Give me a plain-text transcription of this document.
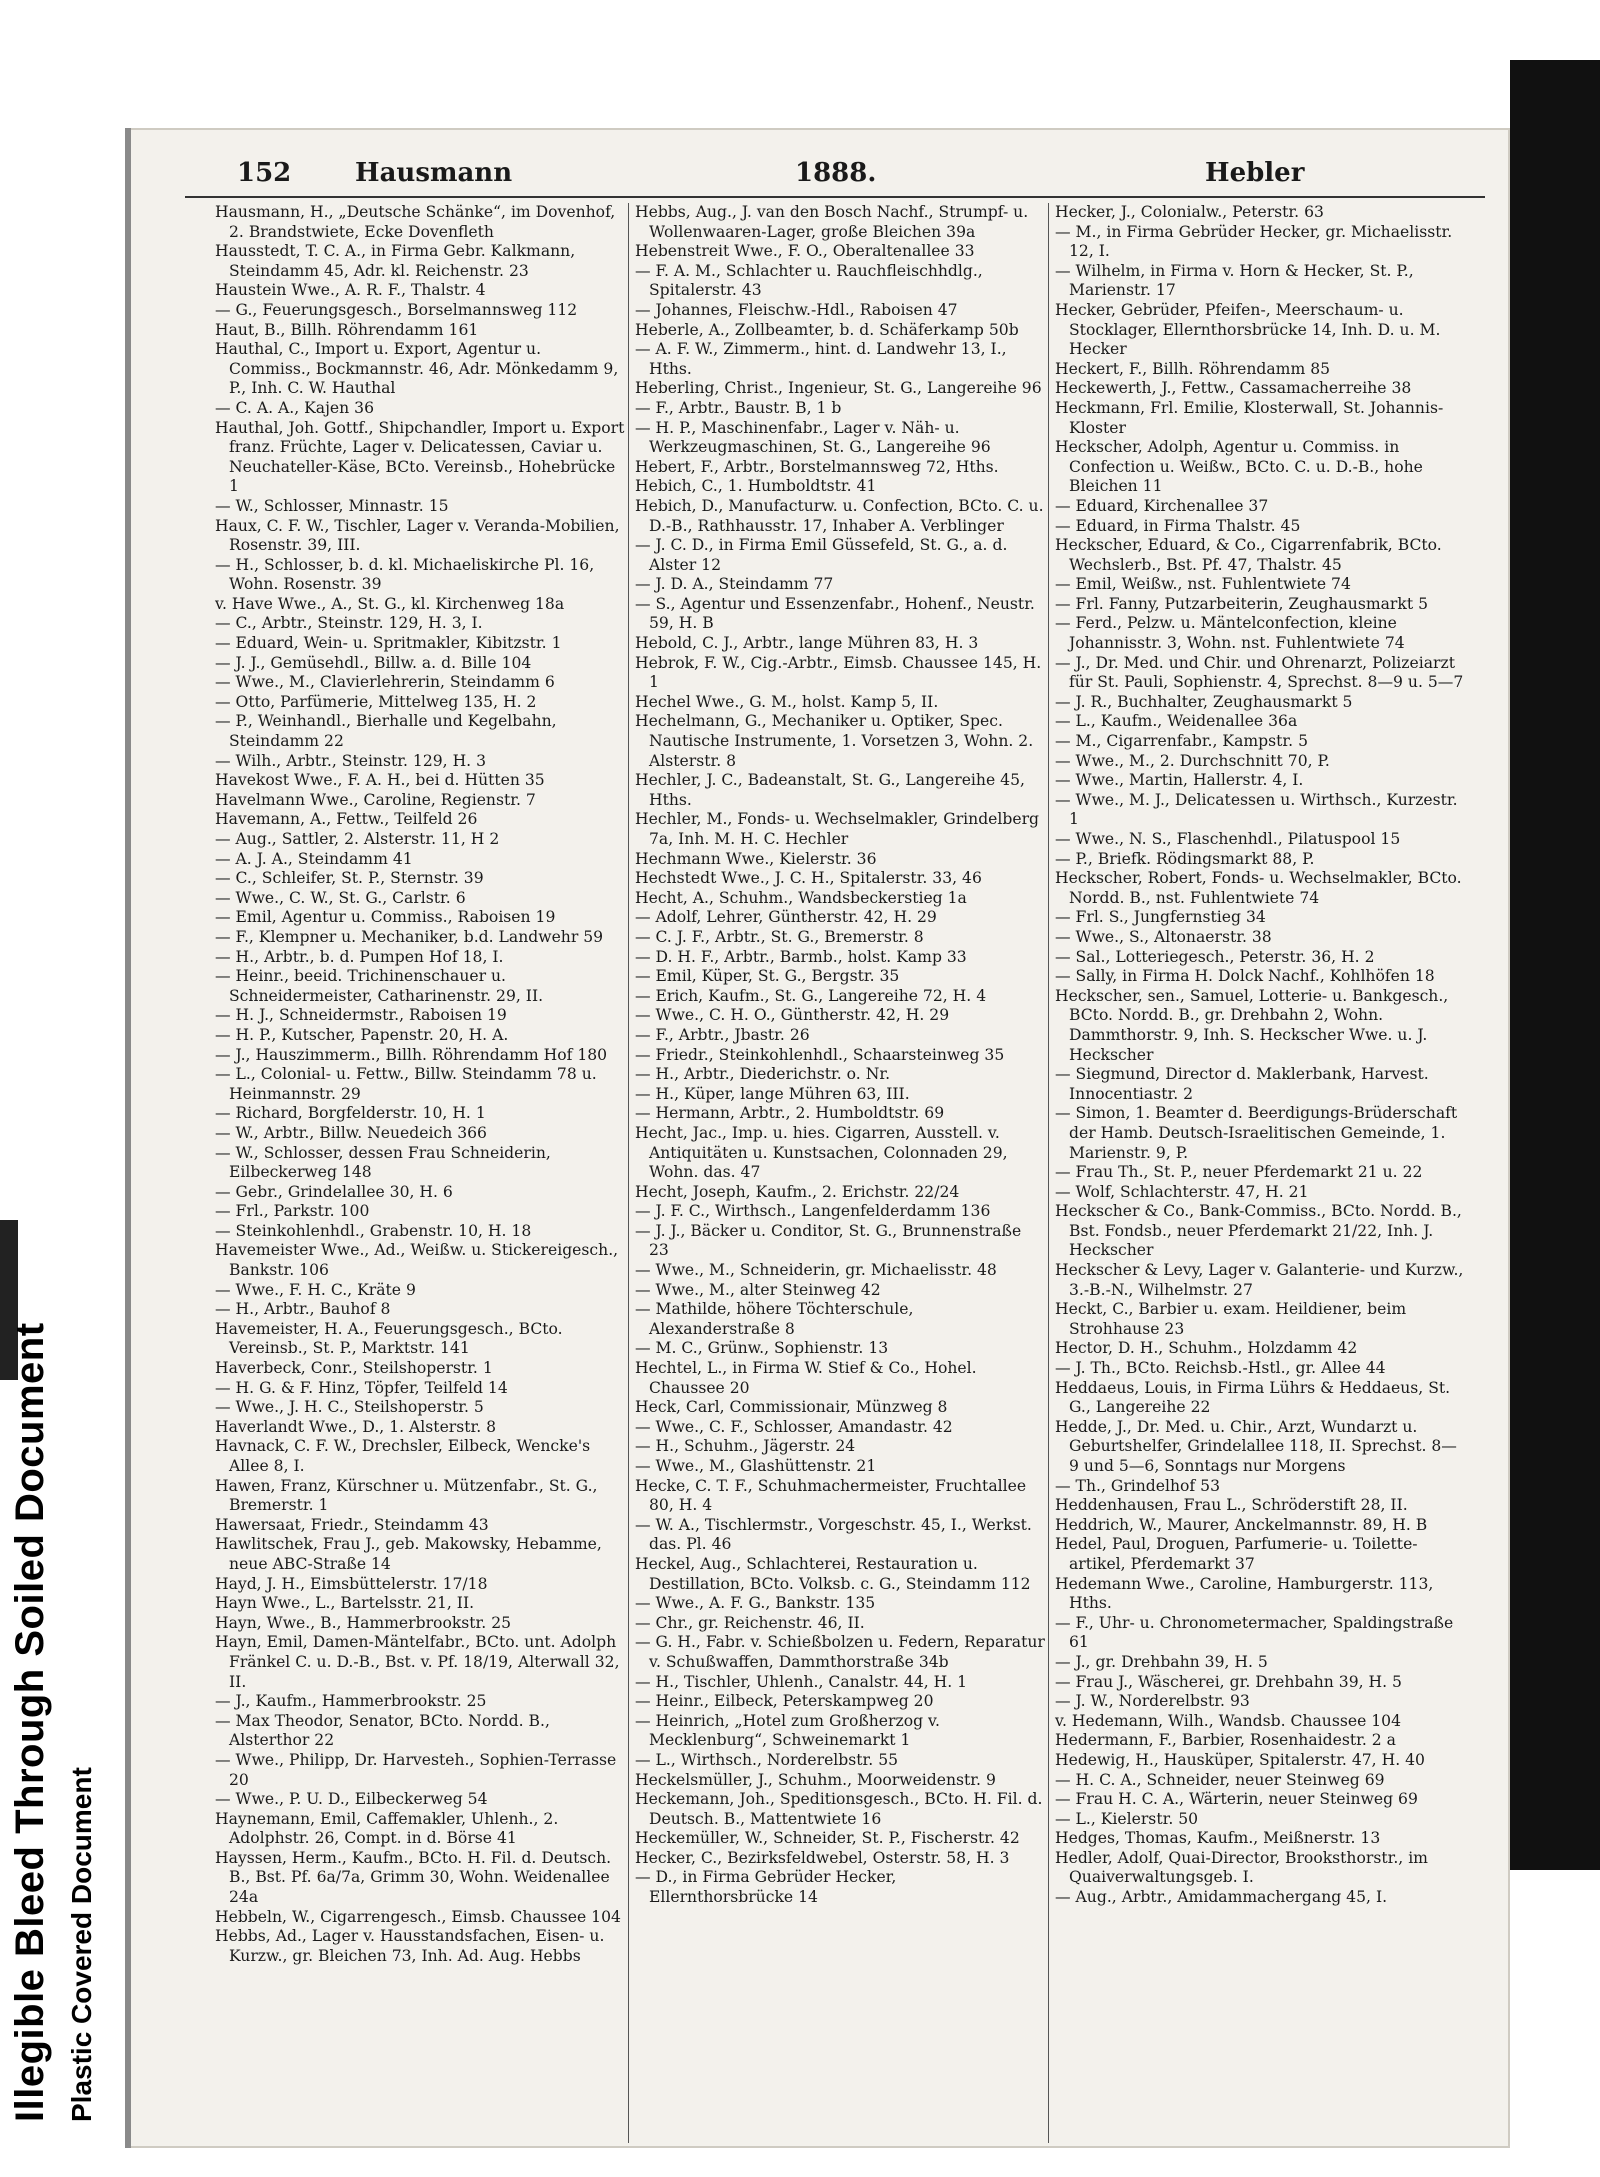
Illegible Bleed Through Soiled Document Plastic Covered Document
152 Hausmann	1888.	Hebler

Hausmann, H., „Deutsche Schänke“, im Dovenhof, 2. Brandstwiete, Ecke Dovenfleth

Hausstedt, T. C. A., in Firma Gebr. Kalkmann, Steindamm 45, Adr. kl. Reichenstr. 23

Haustein Wwe., A. R. F., Thalstr. 4

— G., Feuerungsgesch., Borselmannsweg 112

Haut, B., Billh. Röhrendamm 161

Hauthal, C., Import u. Export, Agentur u. Commiss., Bockmannstr. 46, Adr. Mönkedamm 9, P., Inh. C. W. Hauthal

— C. A. A., Kajen 36

Hauthal, Joh. Gottf., Shipchandler, Import u. Export franz. Früchte, Lager v. Delicatessen, Caviar u. Neuchateller-Käse, BCto. Vereinsb., Hohebrücke 1

— W., Schlosser, Minnastr. 15

Haux, C. F. W., Tischler, Lager v. Veranda-Mobilien, Rosenstr. 39, III.

— H., Schlosser, b. d. kl. Michaeliskirche Pl. 16, Wohn. Rosenstr. 39

v. Have Wwe., A., St. G., kl. Kirchenweg 18a

— C., Arbtr., Steinstr. 129, H. 3, I.

— Eduard, Wein- u. Spritmakler, Kibitzstr. 1

— J. J., Gemüsehdl., Billw. a. d. Bille 104

— Wwe., M., Clavierlehrerin, Steindamm 6

— Otto, Parfümerie, Mittelweg 135, H. 2

— P., Weinhandl., Bierhalle und Kegelbahn, Steindamm 22

— Wilh., Arbtr., Steinstr. 129, H. 3

Havekost Wwe., F. A. H., bei d. Hütten 35

Havelmann Wwe., Caroline, Regienstr. 7

Havemann, A., Fettw., Teilfeld 26

— Aug., Sattler, 2. Alsterstr. 11, H 2

— A. J. A., Steindamm 41

— C., Schleifer, St. P., Sternstr. 39

— Wwe., C. W., St. G., Carlstr. 6

— Emil, Agentur u. Commiss., Raboisen 19

— F., Klempner u. Mechaniker, b.d. Landwehr 59

— H., Arbtr., b. d. Pumpen Hof 18, I.

— Heinr., beeid. Trichinenschauer u. Schneidermeister, Catharinenstr. 29, II.

— H. J., Schneidermstr., Raboisen 19

— H. P., Kutscher, Papenstr. 20, H. A.

— J., Hauszimmerm., Billh. Röhrendamm Hof 180

— L., Colonial- u. Fettw., Billw. Steindamm 78 u. Heinmannstr. 29

— Richard, Borgfelderstr. 10, H. 1

— W., Arbtr., Billw. Neuedeich 366

— W., Schlosser, dessen Frau Schneiderin, Eilbeckerweg 148

— Gebr., Grindelallee 30, H. 6

— Frl., Parkstr. 100

— Steinkohlenhdl., Grabenstr. 10, H. 18

Havemeister Wwe., Ad., Weißw. u. Stickereigesch., Bankstr. 106

— Wwe., F. H. C., Kräte 9

— H., Arbtr., Bauhof 8

Havemeister, H. A., Feuerungsgesch., BCto. Vereinsb., St. P., Marktstr. 141

Haverbeck, Conr., Steilshoperstr. 1

— H. G. & F. Hinz, Töpfer, Teilfeld 14

— Wwe., J. H. C., Steilshoperstr. 5

Haverlandt Wwe., D., 1. Alsterstr. 8

Havnack, C. F. W., Drechsler, Eilbeck, Wencke's Allee 8, I.

Hawen, Franz, Kürschner u. Mützenfabr., St. G., Bremerstr. 1

Hawersaat, Friedr., Steindamm 43

Hawlitschek, Frau J., geb. Makowsky, Hebamme, neue ABC-Straße 14

Hayd, J. H., Eimsbüttelerstr. 17/18

Hayn Wwe., L., Bartelsstr. 21, II.

Hayn, Wwe., B., Hammerbrookstr. 25

Hayn, Emil, Damen-Mäntelfabr., BCto. unt. Adolph Fränkel C. u. D.-B., Bst. v. Pf. 18/19, Alterwall 32, II.

— J., Kaufm., Hammerbrookstr. 25

— Max Theodor, Senator, BCto. Nordd. B., Alsterthor 22

— Wwe., Philipp, Dr. Harvesteh., Sophien-Terrasse 20

— Wwe., P. U. D., Eilbeckerweg 54

Haynemann, Emil, Caffemakler, Uhlenh., 2. Adolphstr. 26, Compt. in d. Börse 41

Hayssen, Herm., Kaufm., BCto. H. Fil. d. Deutsch. B., Bst. Pf. 6a/7a, Grimm 30, Wohn. Weidenallee 24a

Hebbeln, W., Cigarrengesch., Eimsb. Chaussee 104

Hebbs, Ad., Lager v. Hausstandsfachen, Eisen- u. Kurzw., gr. Bleichen 73, Inh. Ad. Aug. Hebbs

Hebbs, Aug., J. van den Bosch Nachf., Strumpf- u. Wollenwaaren-Lager, große Bleichen 39a

Hebenstreit Wwe., F. O., Oberaltenallee 33

— F. A. M., Schlachter u. Rauchfleischhdlg., Spitalerstr. 43

— Johannes, Fleischw.-Hdl., Raboisen 47

Heberle, A., Zollbeamter, b. d. Schäferkamp 50b

— A. F. W., Zimmerm., hint. d. Landwehr 13, I., Hths.

Heberling, Christ., Ingenieur, St. G., Langereihe 96

— F., Arbtr., Baustr. B, 1 b

— H. P., Maschinenfabr., Lager v. Näh- u. Werkzeugmaschinen, St. G., Langereihe 96

Hebert, F., Arbtr., Borstelmannsweg 72, Hths.

Hebich, C., 1. Humboldtstr. 41

Hebich, D., Manufacturw. u. Confection, BCto. C. u. D.-B., Rathhausstr. 17, Inhaber A. Verblinger

— J. C. D., in Firma Emil Güssefeld, St. G., a. d. Alster 12

— J. D. A., Steindamm 77

— S., Agentur und Essenzenfabr., Hohenf., Neustr. 59, H. B

Hebold, C. J., Arbtr., lange Mühren 83, H. 3

Hebrok, F. W., Cig.-Arbtr., Eimsb. Chaussee 145, H. 1

Hechel Wwe., G. M., holst. Kamp 5, II.

Hechelmann, G., Mechaniker u. Optiker, Spec. Nautische Instrumente, 1. Vorsetzen 3, Wohn. 2. Alsterstr. 8

Hechler, J. C., Badeanstalt, St. G., Langereihe 45, Hths.

Hechler, M., Fonds- u. Wechselmakler, Grindelberg 7a, Inh. M. H. C. Hechler

Hechmann Wwe., Kielerstr. 36

Hechstedt Wwe., J. C. H., Spitalerstr. 33, 46

Hecht, A., Schuhm., Wandsbeckerstieg 1a

— Adolf, Lehrer, Güntherstr. 42, H. 29

— C. J. F., Arbtr., St. G., Bremerstr. 8

— D. H. F., Arbtr., Barmb., holst. Kamp 33

— Emil, Küper, St. G., Bergstr. 35

— Erich, Kaufm., St. G., Langereihe 72, H. 4

— Wwe., C. H. O., Güntherstr. 42, H. 29

— F., Arbtr., Jbastr. 26

— Friedr., Steinkohlenhdl., Schaarsteinweg 35

— H., Arbtr., Diederichstr. o. Nr.

— H., Küper, lange Mühren 63, III.

— Hermann, Arbtr., 2. Humboldtstr. 69

Hecht, Jac., Imp. u. hies. Cigarren, Ausstell. v. Antiquitäten u. Kunstsachen, Colonnaden 29, Wohn. das. 47

Hecht, Joseph, Kaufm., 2. Erichstr. 22/24

— J. F. C., Wirthsch., Langenfelderdamm 136

— J. J., Bäcker u. Conditor, St. G., Brunnenstraße 23

— Wwe., M., Schneiderin, gr. Michaelisstr. 48

— Wwe., M., alter Steinweg 42

— Mathilde, höhere Töchterschule, Alexanderstraße 8

— M. C., Grünw., Sophienstr. 13

Hechtel, L., in Firma W. Stief & Co., Hohel. Chaussee 20

Heck, Carl, Commissionair, Münzweg 8

— Wwe., C. F., Schlosser, Amandastr. 42

— H., Schuhm., Jägerstr. 24

— Wwe., M., Glashüttenstr. 21

Hecke, C. T. F., Schuhmachermeister, Fruchtallee 80, H. 4

— W. A., Tischlermstr., Vorgeschstr. 45, I., Werkst. das. Pl. 46

Heckel, Aug., Schlachterei, Restauration u. Destillation, BCto. Volksb. c. G., Steindamm 112

— Wwe., A. F. G., Bankstr. 135

— Chr., gr. Reichenstr. 46, II.

— G. H., Fabr. v. Schießbolzen u. Federn, Reparatur v. Schußwaffen, Dammthorstraße 34b

— H., Tischler, Uhlenh., Canalstr. 44, H. 1

— Heinr., Eilbeck, Peterskampweg 20

— Heinrich, „Hotel zum Großherzog v. Mecklenburg“, Schweinemarkt 1

— L., Wirthsch., Norderelbstr. 55

Heckelsmüller, J., Schuhm., Moorweidenstr. 9

Heckemann, Joh., Speditionsgesch., BCto. H. Fil. d. Deutsch. B., Mattentwiete 16

Heckemüller, W., Schneider, St. P., Fischerstr. 42

Hecker, C., Bezirksfeldwebel, Osterstr. 58, H. 3

— D., in Firma Gebrüder Hecker, Ellernthorsbrücke 14

Hecker, J., Colonialw., Peterstr. 63

— M., in Firma Gebrüder Hecker, gr. Michaelisstr. 12, I.

— Wilhelm, in Firma v. Horn & Hecker, St. P., Marienstr. 17

Hecker, Gebrüder, Pfeifen-, Meerschaum- u. Stocklager, Ellernthorsbrücke 14, Inh. D. u. M. Hecker

Heckert, F., Billh. Röhrendamm 85

Heckewerth, J., Fettw., Cassamacherreihe 38

Heckmann, Frl. Emilie, Klosterwall, St. Johannis-Kloster

Heckscher, Adolph, Agentur u. Commiss. in Confection u. Weißw., BCto. C. u. D.-B., hohe Bleichen 11

— Eduard, Kirchenallee 37

— Eduard, in Firma Thalstr. 45

Heckscher, Eduard, & Co., Cigarrenfabrik, BCto. Wechslerb., Bst. Pf. 47, Thalstr. 45

— Emil, Weißw., nst. Fuhlentwiete 74

— Frl. Fanny, Putzarbeiterin, Zeughausmarkt 5

— Ferd., Pelzw. u. Mäntelconfection, kleine Johannisstr. 3, Wohn. nst. Fuhlentwiete 74

— J., Dr. Med. und Chir. und Ohrenarzt, Polizeiarzt für St. Pauli, Sophienstr. 4, Sprechst. 8—9 u. 5—7

— J. R., Buchhalter, Zeughausmarkt 5

— L., Kaufm., Weidenallee 36a

— M., Cigarrenfabr., Kampstr. 5

— Wwe., M., 2. Durchschnitt 70, P.

— Wwe., Martin, Hallerstr. 4, I.

— Wwe., M. J., Delicatessen u. Wirthsch., Kurzestr. 1

— Wwe., N. S., Flaschenhdl., Pilatuspool 15

— P., Briefk. Rödingsmarkt 88, P.

Heckscher, Robert, Fonds- u. Wechselmakler, BCto. Nordd. B., nst. Fuhlentwiete 74

— Frl. S., Jungfernstieg 34

— Wwe., S., Altonaerstr. 38

— Sal., Lotteriegesch., Peterstr. 36, H. 2

— Sally, in Firma H. Dolck Nachf., Kohlhöfen 18

Heckscher, sen., Samuel, Lotterie- u. Bankgesch., BCto. Nordd. B., gr. Drehbahn 2, Wohn. Dammthorstr. 9, Inh. S. Heckscher Wwe. u. J. Heckscher

— Siegmund, Director d. Maklerbank, Harvest. Innocentiastr. 2

— Simon, 1. Beamter d. Beerdigungs-Brüderschaft der Hamb. Deutsch-Israelitischen Gemeinde, 1. Marienstr. 9, P.

— Frau Th., St. P., neuer Pferdemarkt 21 u. 22

— Wolf, Schlachterstr. 47, H. 21

Heckscher & Co., Bank-Commiss., BCto. Nordd. B., Bst. Fondsb., neuer Pferdemarkt 21/22, Inh. J. Heckscher

Heckscher & Levy, Lager v. Galanterie- und Kurzw., 3.-B.-N., Wilhelmstr. 27

Heckt, C., Barbier u. exam. Heildiener, beim Strohhause 23

Hector, D. H., Schuhm., Holzdamm 42

— J. Th., BCto. Reichsb.-Hstl., gr. Allee 44

Heddaeus, Louis, in Firma Lührs & Heddaeus, St. G., Langereihe 22

Hedde, J., Dr. Med. u. Chir., Arzt, Wundarzt u. Geburtshelfer, Grindelallee 118, II. Sprechst. 8—9 und 5—6, Sonntags nur Morgens

— Th., Grindelhof 53

Heddenhausen, Frau L., Schröderstift 28, II.

Heddrich, W., Maurer, Anckelmannstr. 89, H. B

Hedel, Paul, Droguen, Parfumerie- u. Toilette-artikel, Pferdemarkt 37

Hedemann Wwe., Caroline, Hamburgerstr. 113, Hths.

— F., Uhr- u. Chronometermacher, Spaldingstraße 61

— J., gr. Drehbahn 39, H. 5

— Frau J., Wäscherei, gr. Drehbahn 39, H. 5

— J. W., Norderelbstr. 93

v. Hedemann, Wilh., Wandsb. Chaussee 104

Hedermann, F., Barbier, Rosenhaidestr. 2 a

Hedewig, H., Hausküper, Spitalerstr. 47, H. 40

— H. C. A., Schneider, neuer Steinweg 69

— Frau H. C. A., Wärterin, neuer Steinweg 69

— L., Kielerstr. 50

Hedges, Thomas, Kaufm., Meißnerstr. 13

Hedler, Adolf, Quai-Director, Brooksthorstr., im Quaiverwaltungsgeb. I.

— Aug., Arbtr., Amidammachergang 45, I.
